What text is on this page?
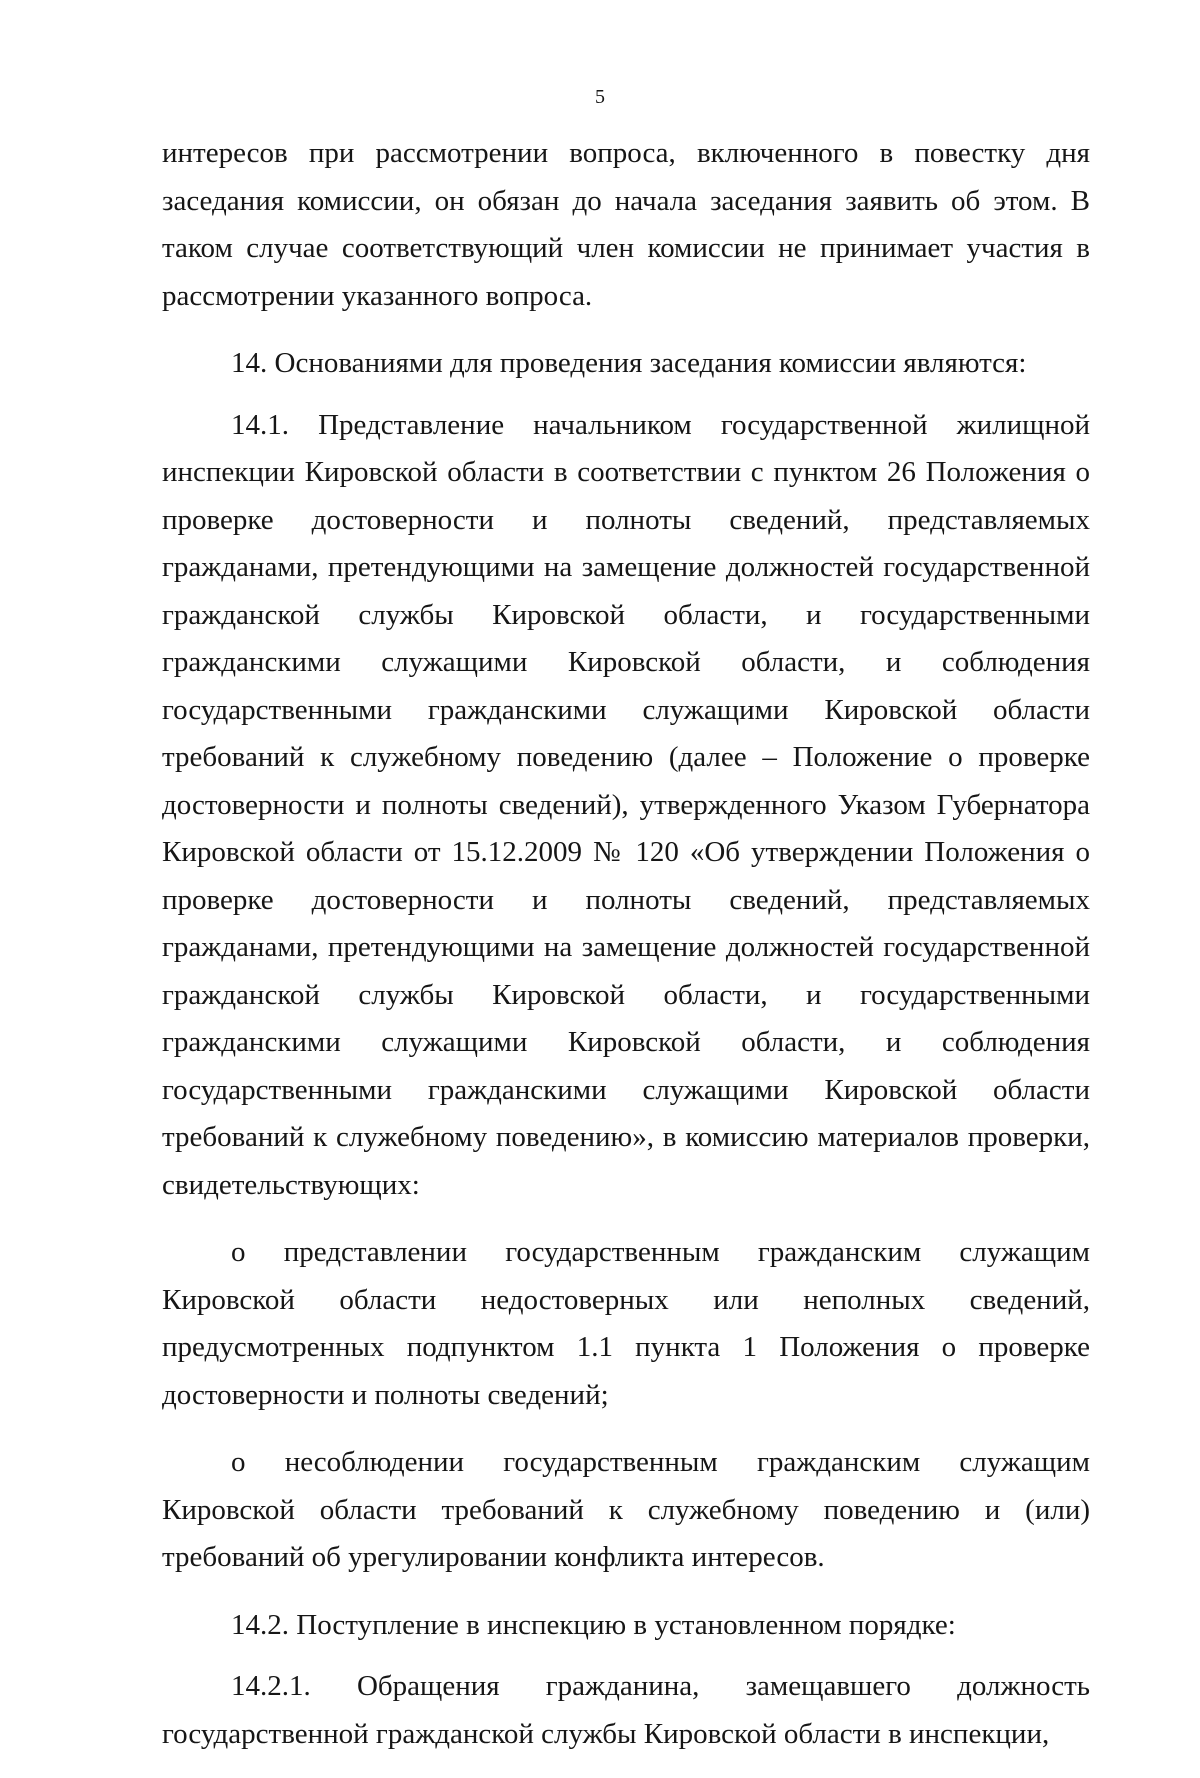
5

интересов при рассмотрении вопроса, включенного в повестку дня заседания комиссии, он обязан до начала заседания заявить об этом. В таком случае соответствующий член комиссии не принимает участия в рассмотрении указанного вопроса.

14. Основаниями для проведения заседания комиссии являются:

14.1. Представление начальником государственной жилищной инспекции Кировской области в соответствии с пунктом 26 Положения о проверке достоверности и полноты сведений, представляемых гражданами, претендующими на замещение должностей государственной гражданской службы Кировской области, и государственными гражданскими служащими Кировской области, и соблюдения государственными гражданскими служащими Кировской области требований к служебному поведению (далее – Положение о проверке достоверности и полноты сведений), утвержденного Указом Губернатора Кировской области от 15.12.2009 № 120 «Об утверждении Положения о проверке достоверности и полноты сведений, представляемых гражданами, претендующими на замещение должностей государственной гражданской службы Кировской области, и государственными гражданскими служащими Кировской области, и соблюдения государственными гражданскими служащими Кировской области требований к служебному поведению», в комиссию материалов проверки, свидетельствующих:

о представлении государственным гражданским служащим Кировской области недостоверных или неполных сведений, предусмотренных подпунктом 1.1 пункта 1 Положения о проверке достоверности и полноты сведений;

о несоблюдении государственным гражданским служащим Кировской области требований к служебному поведению и (или) требований об урегулировании конфликта интересов.

14.2. Поступление в инспекцию в установленном порядке:

14.2.1. Обращения гражданина, замещавшего должность государственной гражданской службы Кировской области в инспекции,
